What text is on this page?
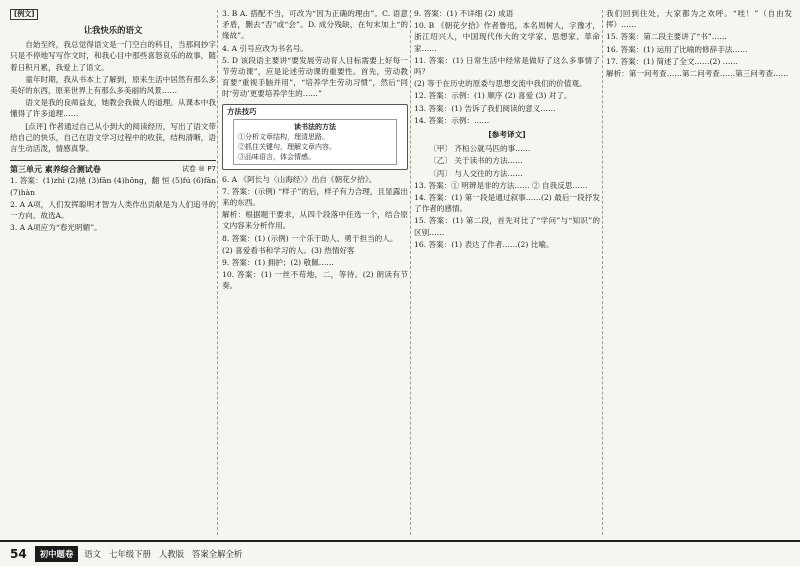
[例文]
让我快乐的语文

自始至终，我总觉得语文是一门空白的科目，当那间抄字只是不停地写写作文时，和我心目中那些喜怒哀乐的故事，随着日积月累，我爱上了语文。

童年时期，我从书本上了解到，原来生活中居然有那么多美好的东西，原来世界上有那么多美丽的风景……

语文是我的良师益友，她教会我做人的道理。从课本中我懂得了许多道理……

[点评] 作者通过自己从小到大的阅读经历，写出了语文带给自己的快乐，自己在语文学习过程中的收获，结构清晰，语言生动活泼，情感真挚。

第三单元 素养综合测试卷	试卷 ® P7

1. 答案：(1)zhì (2)驰 (3)fān (4)hōng，翻 恒 (5)fú (6)fān (7)hàn

2. A A项，人们发挥聪明才智为人类作出贡献是为人们追寻的一方向。故选A。

3. A A项应为“春光明媚”。

3. B A. 搭配不当，可改为“因为正确的理由”。C. 语意矛盾，删去“否”或“会”。D. 成分残缺，在句末加上“的缘故”。

4. A 引号应改为书名号。

5. D 该段语主要讲“要发展劳动育人目标需要上好每一节劳动课”，应是论述劳动课的重要性。首先，劳动教育要“重视手脑并用”，“培养学生劳动习惯”，然后“同时‘劳动’更要培养学生的……”

方法技巧
读书法的方法
①分析文章结构，理清思路。
②抓住关键句，理解文章内容。
③品味语言，体会情感。

6. A 《阿长与〈山海经〉》出自《朝花夕拾》。

7. 答案：(示例) “样子”的后，样子有力合理，且显露出来的东西。

解析：根据题干要求，从四个段落中任选一个，结合原文内容来分析作用。

8. 答案：(1) (示例) 一个乐于助人、勇于担当的人。

(2) 喜爱看书和学习的人。(3) 热情好客

9. 答案：(1) 拥护；(2) 敬佩……

10. 答案：(1) 一丝不苟地，二，等待。(2) 朗读有节奏。

9. 答案：(1) 不详细 (2) 成语

10. B 《朝花夕拾》作者鲁迅，本名周树人，字豫才，浙江绍兴人，中国现代伟大的文学家、思想家、革命家……

11. 答案：(1) 日常生活中经常是做好了这么多事情了吗？

(2) 等于在历史的原委与思想交流中我们的价值观。

12. 答案：示例：(1) 顺序 (2) 喜爱 (3) 对了。

13. 答案：(1) 告诉了我们阅读的意义……

14. 答案：示例：……

[参考译文]

〔甲〕 齐桓公就马匹的事……

〔乙〕 关于读书的方法……

〔丙〕 与人交往的方法……

13. 答案：① 明辨是非的方法…… ② 自我反思……

14. 答案：(1) 第一段是通过叙事……(2) 最后一段抒发了作者的感情。

15. 答案：(1) 第二段，首先对比了“学问”与“知识”的区别……

16. 答案：(1) 表达了作者……(2) 比喻。

我们回到住处，大家都为之欢呼。“哇！”（自由发挥）……

15. 答案：第二段主要讲了“书”……

16. 答案：(1) 运用了比喻的修辞手法……

17. 答案：(1) 简述了全文……(2) ……

解析：第一问考查……第二问考查……第三问考查……

54	初中题卷	语文 七年级下册 人教版 答案全解全析
